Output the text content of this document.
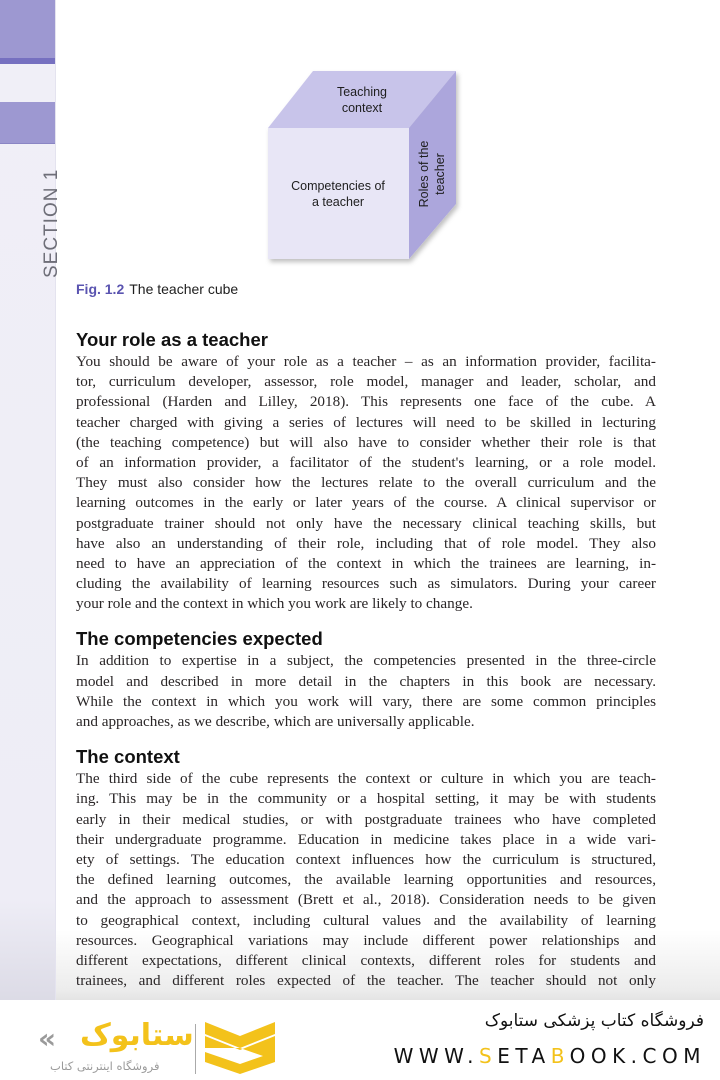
SECTION 1
Teaching
context
Competencies of
a teacher	Roles of the teacher
Fig. 1.2 The teacher cube
Your role as a teacher
You should be aware of your role as a teacher – as an information provider, facilita-
tor, curriculum developer, assessor, role model, manager and leader, scholar, and
professional (Harden and Lilley, 2018). This represents one face of the cube. A
teacher charged with giving a series of lectures will need to be skilled in lecturing
(the teaching competence) but will also have to consider whether their role is that
of an information provider, a facilitator of the student's learning, or a role model.
They must also consider how the lectures relate to the overall curriculum and the
learning outcomes in the early or later years of the course. A clinical supervisor or
postgraduate trainer should not only have the necessary clinical teaching skills, but
have also an understanding of their role, including that of role model. They also
need to have an appreciation of the context in which the trainees are learning, in-
cluding the availability of learning resources such as simulators. During your career
your role and the context in which you work are likely to change.
The competencies expected
In addition to expertise in a subject, the competencies presented in the three-circle
model and described in more detail in the chapters in this book are necessary.
While the context in which you work will vary, there are some common principles
and approaches, as we describe, which are universally applicable.
The context
The third side of the cube represents the context or culture in which you are teach-
ing. This may be in the community or a hospital setting, it may be with students
early in their medical studies, or with postgraduate trainees who have completed
their undergraduate programme. Education in medicine takes place in a wide vari-
ety of settings. The education context influences how the curriculum is structured,
the defined learning outcomes, the available learning opportunities and resources,
and the approach to assessment (Brett et al., 2018). Consideration needs to be given
to geographical context, including cultural values and the availability of learning
resources. Geographical variations may include different power relationships and
different expectations, different clinical contexts, different roles for students and
trainees, and different roles expected of the teacher. The teacher should not only
« ستابوک
فروشگاه اینترنتی کتاب
فروشگاه کتاب پزشکی ستابوک
WWW.SETABOOK.COM
